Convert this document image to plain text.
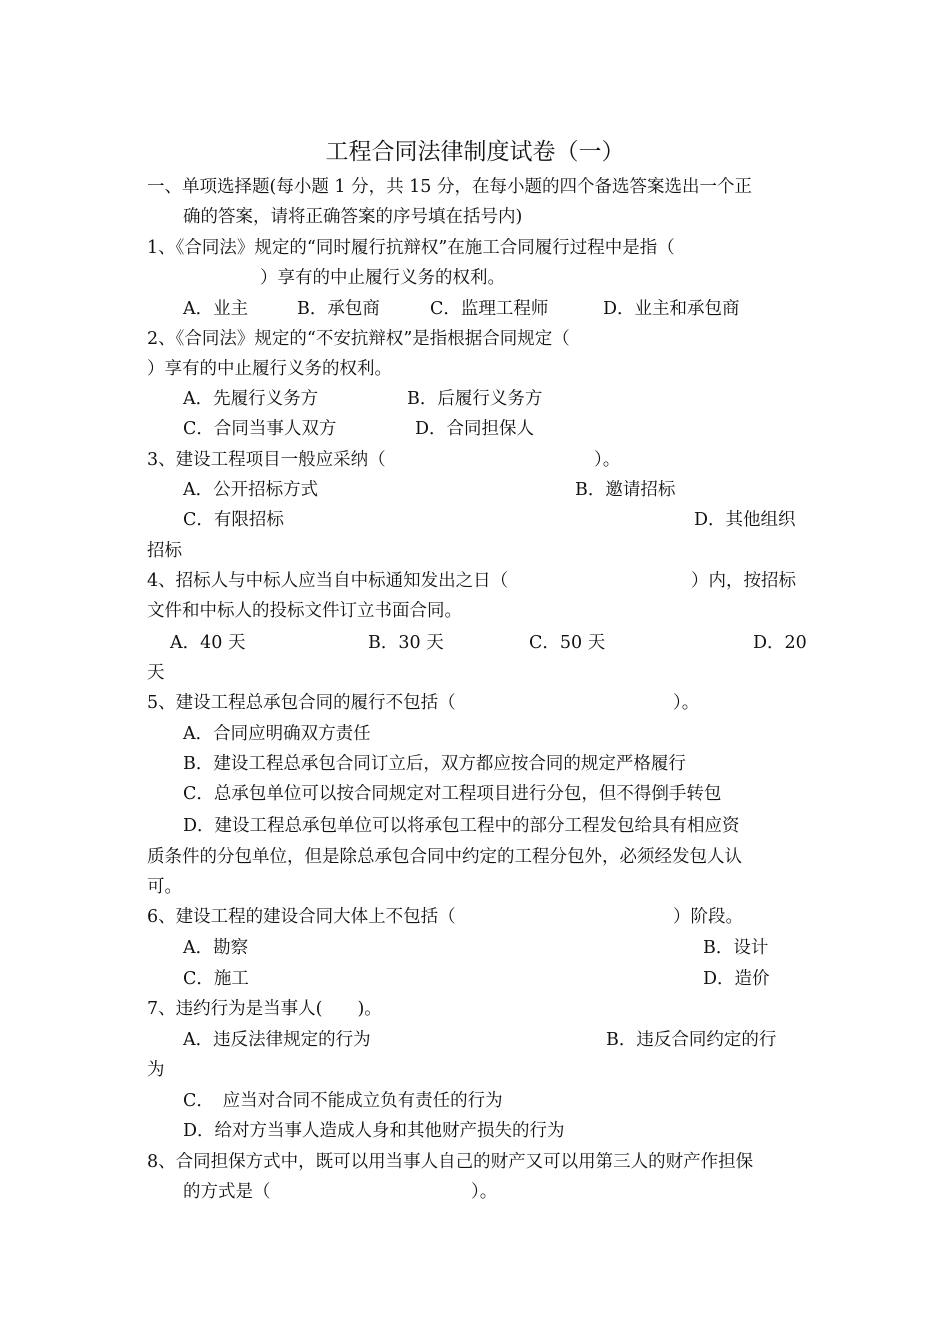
工程合同法律制度试卷（一）
一、单项选择题(每小题 1 分，共 15 分，在每小题的四个备选答案选出一个正
确的答案，请将正确答案的序号填在括号内)
1、《合同法》规定的“同时履行抗辩权”在施工合同履行过程中是指（
）享有的中止履行义务的权利。
A．业主	B．承包商	C．监理工程师	D．业主和承包商
2、《合同法》规定的“不安抗辩权”是指根据合同规定（
）享有的中止履行义务的权利。
A．先履行义务方	B．后履行义务方
C．合同当事人双方	D．合同担保人
3、建设工程项目一般应采纳（	）。
A．公开招标方式	B．邀请招标
C．有限招标	D．其他组织
招标
4、招标人与中标人应当自中标通知发出之日（	）内，按招标
文件和中标人的投标文件订立书面合同。
A．40 天	B．30 天	C．50 天	D．20
天
5、建设工程总承包合同的履行不包括（	）。
A．合同应明确双方责任
B．建设工程总承包合同订立后，双方都应按合同的规定严格履行
C．总承包单位可以按合同规定对工程项目进行分包，但不得倒手转包
D．建设工程总承包单位可以将承包工程中的部分工程发包给具有相应资
质条件的分包单位，但是除总承包合同中约定的工程分包外，必须经发包人认
可。
6、建设工程的建设合同大体上不包括（	）阶段。
A．勘察	B．设计
C．施工	D．造价
7、违约行为是当事人(　　)。
A．违反法律规定的行为	B．违反合同约定的行
为
C．　应当对合同不能成立负有责任的行为
D．给对方当事人造成人身和其他财产损失的行为
8、合同担保方式中，既可以用当事人自己的财产又可以用第三人的财产作担保
的方式是（	）。
